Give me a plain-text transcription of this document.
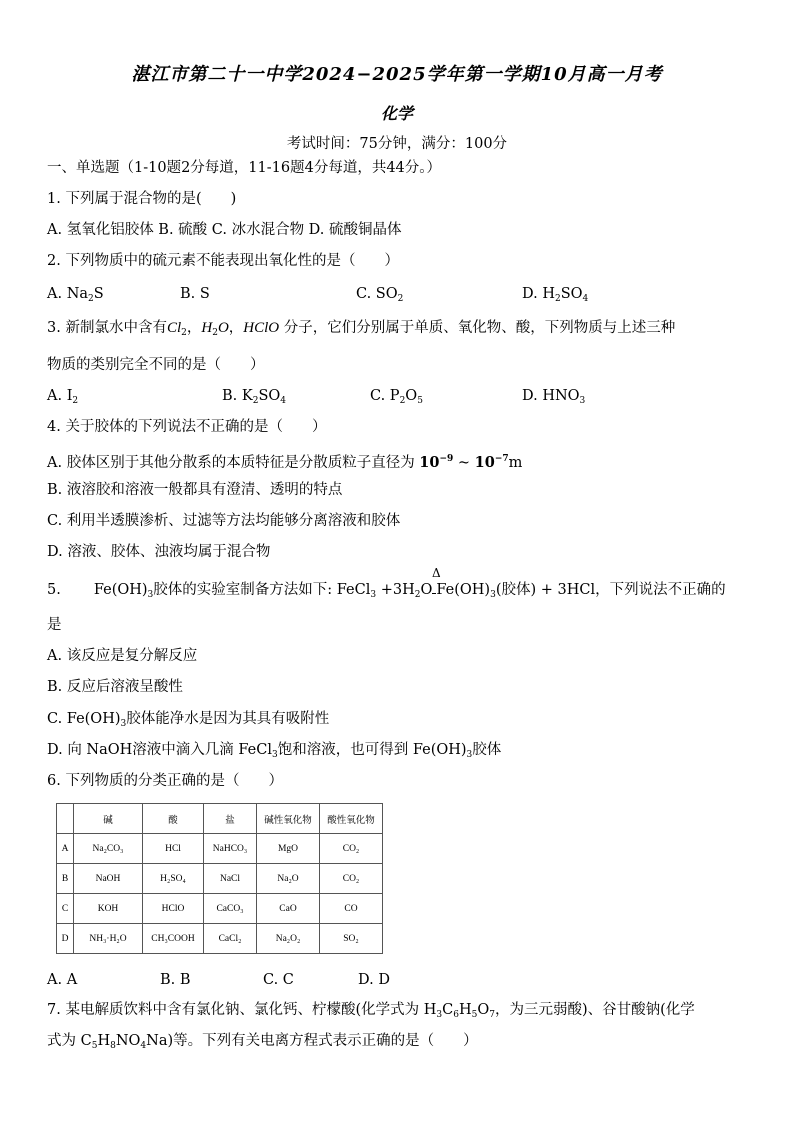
湛江市第二十一中学2024−2025学年第一学期10月高一月考
化学
考试时间：75分钟，满分：100分
一、单选题（1-10题2分每道，11-16题4分每道，共44分。）
1. 下列属于混合物的是(　　)
A. 氢氧化铝胶体 B. 硫酸 C. 冰水混合物 D. 硫酸铜晶体
2. 下列物质中的硫元素不能表现出氧化性的是（　　）
A. $Na_2S$	B. S	C. $SO_2$	D. $H_2SO_4$
3. 新制氯水中含有$Cl_2$，$H_2O$，HClO 分子，它们分别属于单质、氧化物、酸，下列物质与上述三种
物质的类别完全不同的是（　　）
A. $I_2$	B. $K_2SO_4$	C. $P_2O_5$	D. $HNO_3$
4. 关于胶体的下列说法不正确的是（　　）
A. 胶体区别于其他分散系的本质特征是分散质粒子直径为 $10^{-9}$ ~ $10^{-7}m$
B. 液溶胶和溶液一般都具有澄清、透明的特点
C. 利用半透膜渗析、过滤等方法均能够分离溶液和胶体
D. 溶液、胶体、浊液均属于混合物
5. $Fe(OH)_3$胶体的实验室制备方法如下: FeCl$_3$ $+3H_2O$ $Fe(OH)_3$(胶体) + 3HCl，下列说法不正确的
Δ
是
A. 该反应是复分解反应
B. 反应后溶液呈酸性
C. $Fe(OH)_3$胶体能净水是因为其具有吸附性
D. 向 NaOH溶液中滴入几滴 FeCl$_3$饱和溶液，也可得到 $Fe(OH)_3$胶体
6. 下列物质的分类正确的是（　　）
	碱	酸	盐	碱性氧化物	酸性氧化物
A	Na₂CO₃	HCl	NaHCO₃	MgO	CO₂
B	NaOH	H₂SO₄	NaCl	Na₂O	CO₂
C	KOH	HClO	CaCO₃	CaO	CO
D	NH₃·H₂O	CH₃COOH	CaCl₂	Na₂O₂	SO₂
A. A	B. B	C. C	D. D
7. 某电解质饮料中含有氯化钠、氯化钙、柠檬酸(化学式为 $H_3C_6H_5O_7$，为三元弱酸)、谷甘酸钠(化学
式为 $C_5H_8NO_4Na$)等。下列有关电离方程式表示正确的是（　　）
